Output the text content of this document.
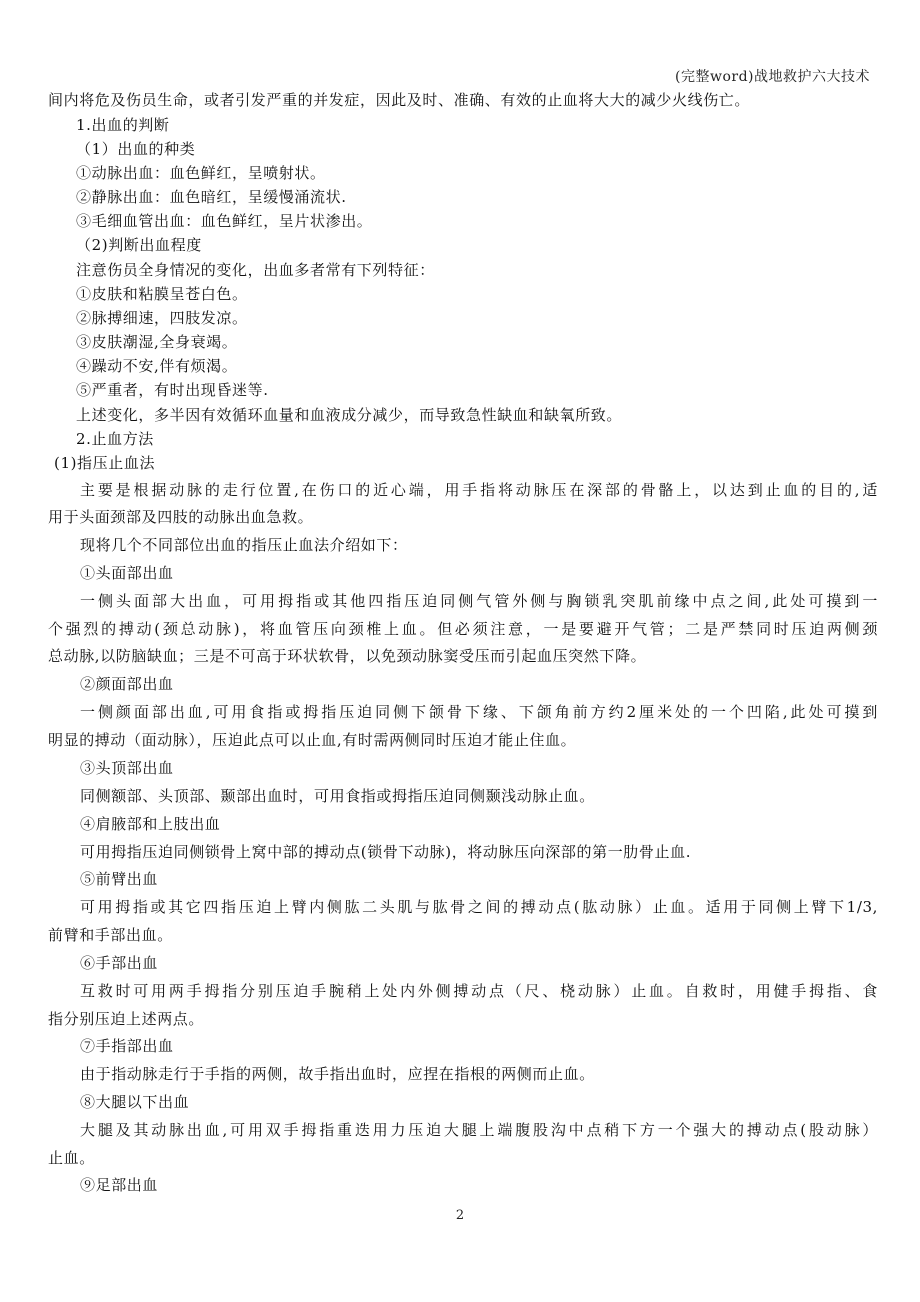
(完整word)战地救护六大技术
间内将危及伤员生命，或者引发严重的并发症，因此及时、准确、有效的止血将大大的减少火线伤亡。
1.出血的判断
（1）出血的种类
①动脉出血：血色鲜红，呈喷射状。
②静脉出血：血色暗红，呈缓慢涌流状.
③毛细血管出血：血色鲜红，呈片状渗出。
（2)判断出血程度
注意伤员全身情况的变化，出血多者常有下列特征：
①皮肤和粘膜呈苍白色。
②脉搏细速，四肢发凉。
③皮肤潮湿,全身衰竭。
④躁动不安,伴有烦渴。
⑤严重者，有时出现昏迷等.
上述变化，多半因有效循环血量和血液成分减少，而导致急性缺血和缺氧所致。
2.止血方法
(1)指压止血法
主要是根据动脉的走行位置,在伤口的近心端，用手指将动脉压在深部的骨骼上，以达到止血的目的,适
用于头面颈部及四肢的动脉出血急救。
现将几个不同部位出血的指压止血法介绍如下：
①头面部出血
一侧头面部大出血，可用拇指或其他四指压迫同侧气管外侧与胸锁乳突肌前缘中点之间,此处可摸到一
个强烈的搏动(颈总动脉)，将血管压向颈椎上血。但必须注意，一是要避开气管；二是严禁同时压迫两侧颈
总动脉,以防脑缺血；三是不可高于环状软骨，以免颈动脉窦受压而引起血压突然下降。
②颜面部出血
一侧颜面部出血,可用食指或拇指压迫同侧下颌骨下缘、下颌角前方约2厘米处的一个凹陷,此处可摸到
明显的搏动（面动脉），压迫此点可以止血,有时需两侧同时压迫才能止住血。
③头顶部出血
同侧额部、头顶部、颞部出血时，可用食指或拇指压迫同侧颞浅动脉止血。
④肩腋部和上肢出血
可用拇指压迫同侧锁骨上窝中部的搏动点(锁骨下动脉)，将动脉压向深部的第一肋骨止血.
⑤前臂出血
可用拇指或其它四指压迫上臂内侧肱二头肌与肱骨之间的搏动点(肱动脉）止血。适用于同侧上臂下1/3,
前臂和手部出血。
⑥手部出血
互救时可用两手拇指分别压迫手腕稍上处内外侧搏动点（尺、桡动脉）止血。自救时，用健手拇指、食
指分别压迫上述两点。
⑦手指部出血
由于指动脉走行于手指的两侧，故手指出血时，应捏在指根的两侧而止血。
⑧大腿以下出血
大腿及其动脉出血,可用双手拇指重迭用力压迫大腿上端腹股沟中点稍下方一个强大的搏动点(股动脉）
止血。
⑨足部出血
2
